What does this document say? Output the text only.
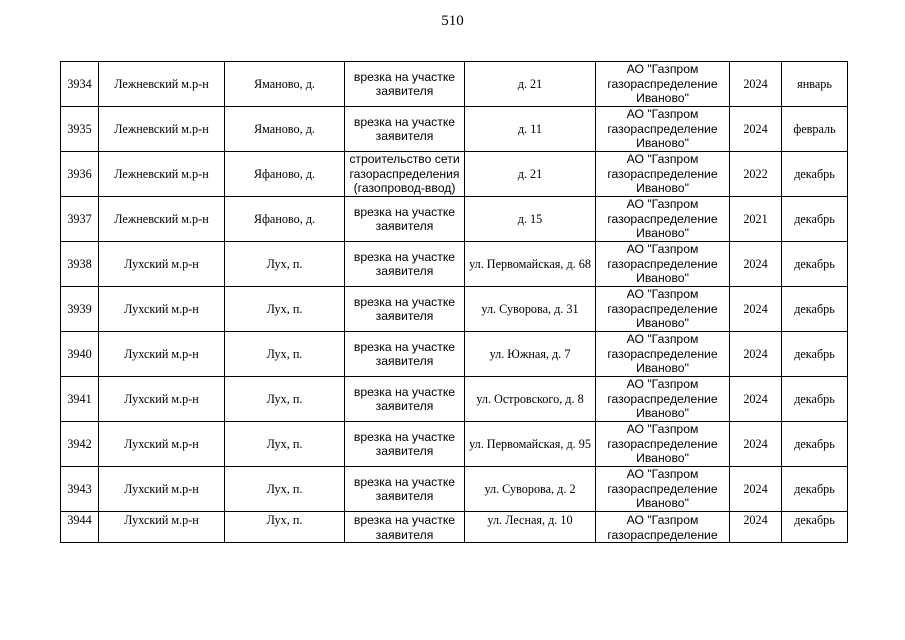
510
3934	Лежневский м.р-н	Ямановo, д.	врезка на участке заявителя	д. 21	АО "Газпром газораспределение Иваново"	2024	январь
3935	Лежневский м.р-н	Ямановo, д.	врезка на участке заявителя	д. 11	АО "Газпром газораспределение Иваново"	2024	февраль
3936	Лежневский м.р-н	Яфаново, д.	строительство сети газораспределения (газопровод-ввод)	д. 21	АО "Газпром газораспределение Иваново"	2022	декабрь
3937	Лежневский м.р-н	Яфаново, д.	врезка на участке заявителя	д. 15	АО "Газпром газораспределение Иваново"	2021	декабрь
3938	Лухский м.р-н	Лух, п.	врезка на участке заявителя	ул. Первомайская, д. 68	АО "Газпром газораспределение Иваново"	2024	декабрь
3939	Лухский м.р-н	Лух, п.	врезка на участке заявителя	ул. Суворова, д. 31	АО "Газпром газораспределение Иваново"	2024	декабрь
3940	Лухский м.р-н	Лух, п.	врезка на участке заявителя	ул. Южная, д. 7	АО "Газпром газораспределение Иваново"	2024	декабрь
3941	Лухский м.р-н	Лух, п.	врезка на участке заявителя	ул. Островского, д. 8	АО "Газпром газораспределение Иваново"	2024	декабрь
3942	Лухский м.р-н	Лух, п.	врезка на участке заявителя	ул. Первомайская, д. 95	АО "Газпром газораспределение Иваново"	2024	декабрь
3943	Лухский м.р-н	Лух, п.	врезка на участке заявителя	ул. Суворова, д. 2	АО "Газпром газораспределение Иваново"	2024	декабрь
3944	Лухский м.р-н	Лух, п.	врезка на участке заявителя	ул. Лесная, д. 10	АО "Газпром газораспределение	2024	декабрь
